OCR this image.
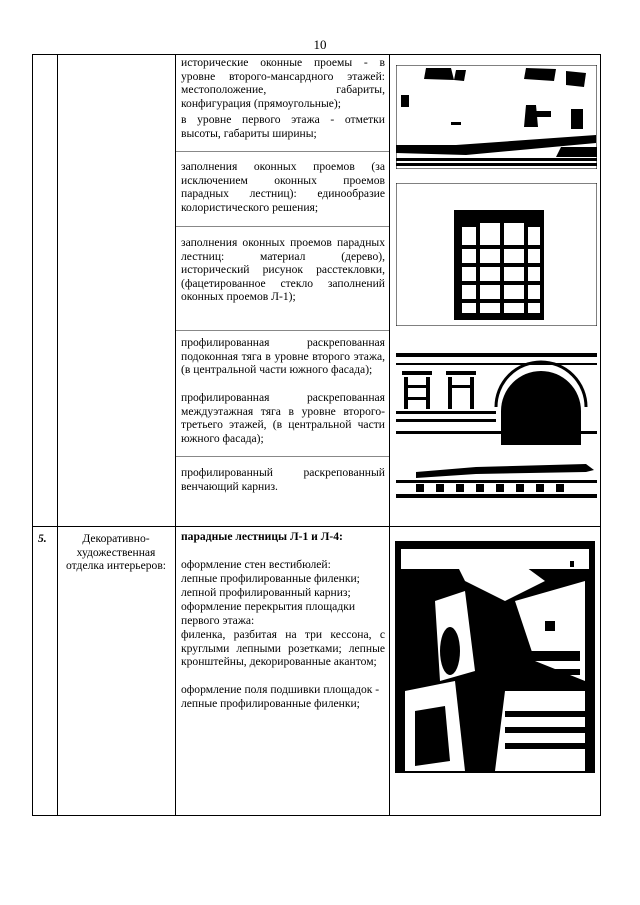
10
исторические оконные проемы - в уровне второго-мансардного этажей: местоположение, габариты, конфигурация (прямоугольные);
в уровне первого этажа - отметки высоты, габариты ширины;
заполнения оконных проемов (за исключением оконных проемов парадных лестниц): единообразие колористического решения;
заполнения оконных проемов парадных лестниц: материал (дерево), исторический рисунок расстекловки, (фацетированное стекло заполнений оконных проемов Л-1);
профилированная раскрепованная подоконная тяга в уровне второго этажа, (в центральной части южного фасада);
профилированная раскрепованная междуэтажная тяга в уровне второго-третьего этажей, (в центральной части южного фасада);
профилированный раскрепованный венчающий карниз.
5.	Декоративно-художественная отделка интерьеров:
парадные лестницы Л-1 и Л-4:
оформление стен вестибюлей:
лепные профилированные филенки;
лепной профилированный карниз;
оформление перекрытия площадки первого этажа:
филенка, разбитая на три кессона, с круглыми лепными розетками; лепные кронштейны, декорированные акантом;
оформление поля подшивки площадок - лепные профилированные филенки;
